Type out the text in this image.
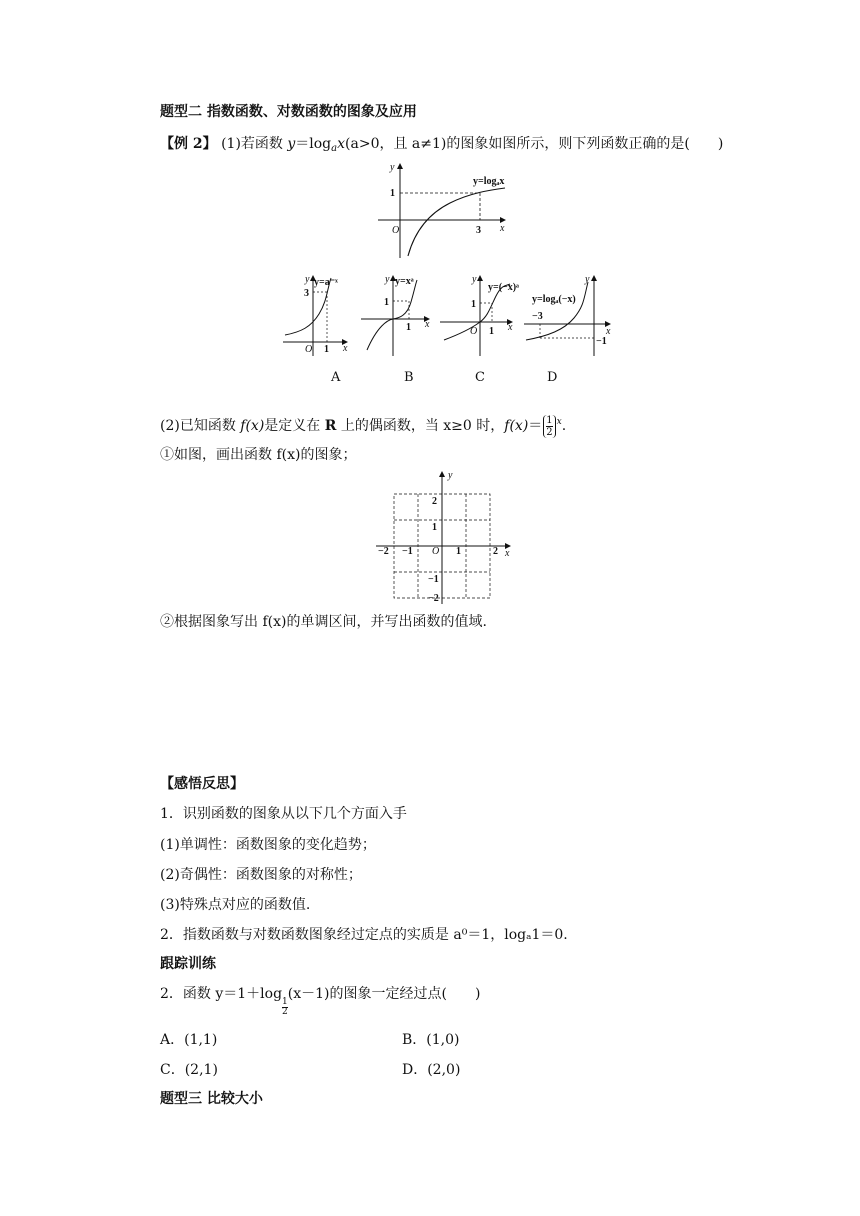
题型二 指数函数、对数函数的图象及应用
【例 2】 (1)若函数 $y=\log_ax(a>0$，且 a≠1)的图象如图所示，则下列函数正确的是(　　)
y
1
O	3 x
y=logₐx
y y=a⁻ˣ
3
O 1 x
y y=xᵃ
1
1 x
y
y=(−x)ᵃ
1
O 1 x
y
y=logₐ(−x)
−3
−1
x
A	B	C	D
(2)已知函数 f(x)是定义在 R 上的偶函数，当 x≥0 时，$f(x)= \frac{1}{2} ^x$.
①如图，画出函数 f(x)的图象；
y
x
2
1
−1
−2
−2 −1 O 1	2
②根据图象写出 f(x)的单调区间，并写出函数的值域.
【感悟反思】
1．识别函数的图象从以下几个方面入手
(1)单调性：函数图象的变化趋势；
(2)奇偶性：函数图象的对称性；
(3)特殊点对应的函数值.
2．指数函数与对数函数图象经过定点的实质是 a⁰＝1，logₐ1＝0.
跟踪训练
2．函数 y＝1＋log
$\frac{1}{2}$
(x－1)的图象一定经过点(　　)
A．(1,1)	B．(1,0)
C．(2,1)	D．(2,0)
题型三 比较大小
